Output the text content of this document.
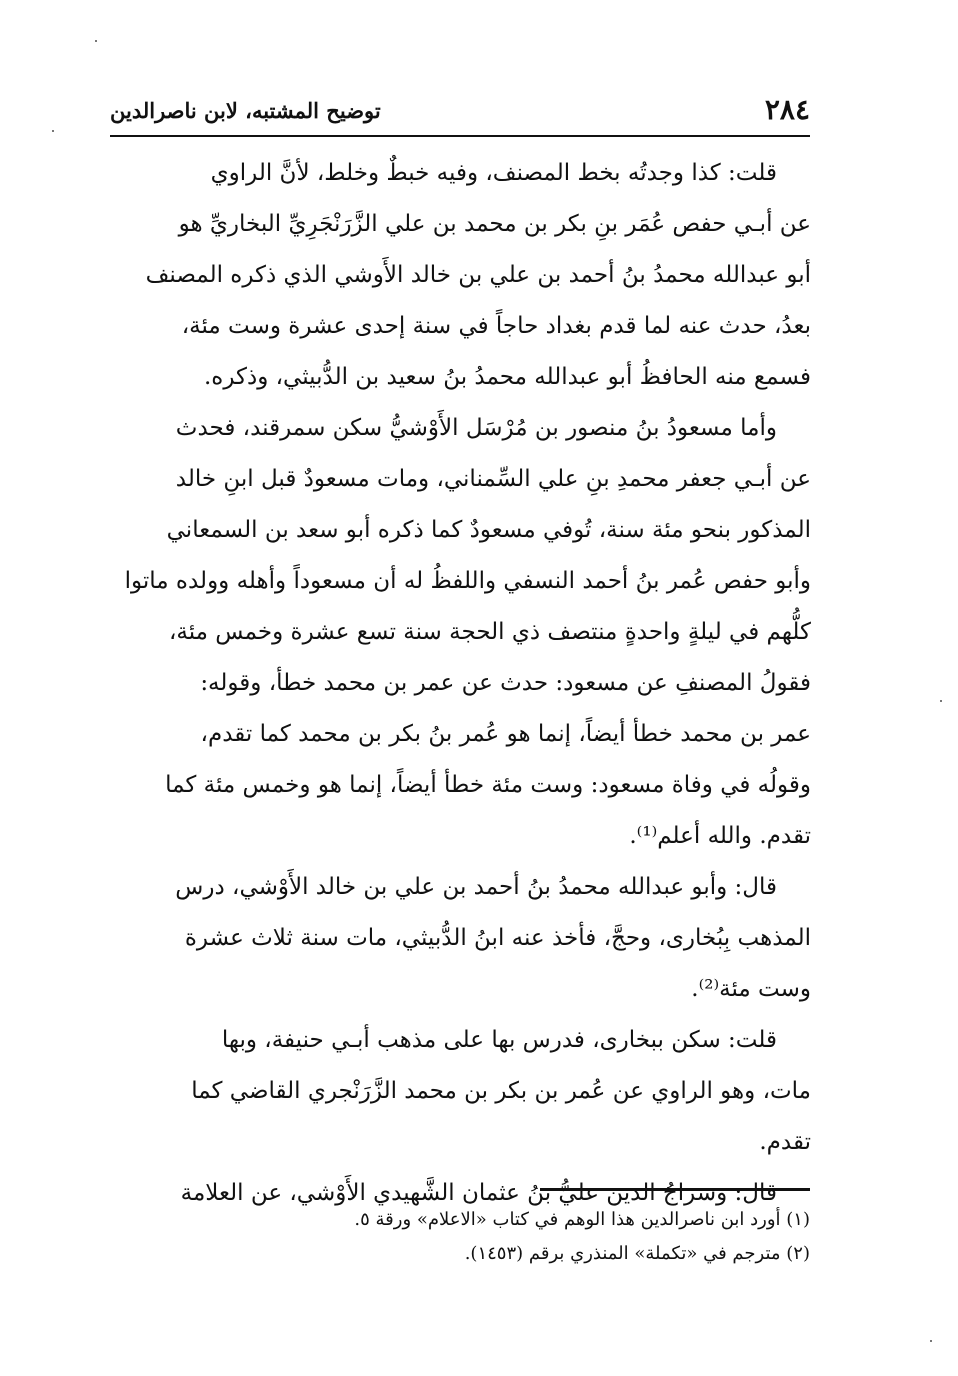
٢٨٤
توضيح المشتبه، لابن ناصرالدين
قلت: كذا وجدتُه بخط المصنف، وفيه خبطٌ وخلط، لأنَّ الراوي
عن أبـي حفص عُمَر بنِ بكر بن محمد بن علي الزَّرَنْجَرِيِّ البخاريِّ هو
أبو عبدالله محمدُ بنُ أحمد بن علي بن خالد الأَوشي الذي ذكره المصنف
بعدُ، حدث عنه لما قدم بغداد حاجاً في سنة إحدى عشرة وست مئة،
فسمع منه الحافظُ أبو عبدالله محمدُ بنُ سعيد بن الدُّبيثي، وذكره.
وأما مسعودُ بنُ منصور بن مُرْسَل الأَوْشيُّ سكن سمرقند، فحدث
عن أبـي جعفر محمدِ بنِ علي السِّمناني، ومات مسعودٌ قبل ابنِ خالد
المذكور بنحو مئة سنة، تُوفي مسعودٌ كما ذكره أبو سعد بن السمعاني
وأبو حفص عُمر بنُ أحمد النسفي واللفظُ له أن مسعوداً وأهله وولده ماتوا
كلُّهم في ليلةٍ واحدةٍ منتصف ذي الحجة سنة تسع عشرة وخمس مئة،
فقولُ المصنفِ عن مسعود: حدث عن عمر بن محمد خطأ، وقوله:
عمر بن محمد خطأ أيضاً، إنما هو عُمر بنُ بكر بن محمد كما تقدم،
وقولُه في وفاة مسعود: وست مئة خطأ أيضاً، إنما هو وخمس مئة كما
تقدم. والله أعلم⁽¹⁾.
قال: وأبو عبدالله محمدُ بنُ أحمد بن علي بن خالد الأَوْشي، درس
المذهب بِبُخارى، وحجَّ، فأخذ عنه ابنُ الدُّبيثي، مات سنة ثلاث عشرة
وست مئة⁽²⁾.
قلت: سكن ببخارى، فدرس بها على مذهب أبـي حنيفة، وبها
مات، وهو الراوي عن عُمر بن بكر بن محمد الزَّرَنْجري القاضي كما
تقدم.
قال: وسراجُ الدين عليُّ بنُ عثمان الشَّهيدي الأَوْشي، عن العلامة
(١) أورد ابن ناصرالدين هذا الوهم في كتاب «الاعلام» ورقة ٥.
(٢) مترجم في «تكملة» المنذري برقم (١٤٥٣).
